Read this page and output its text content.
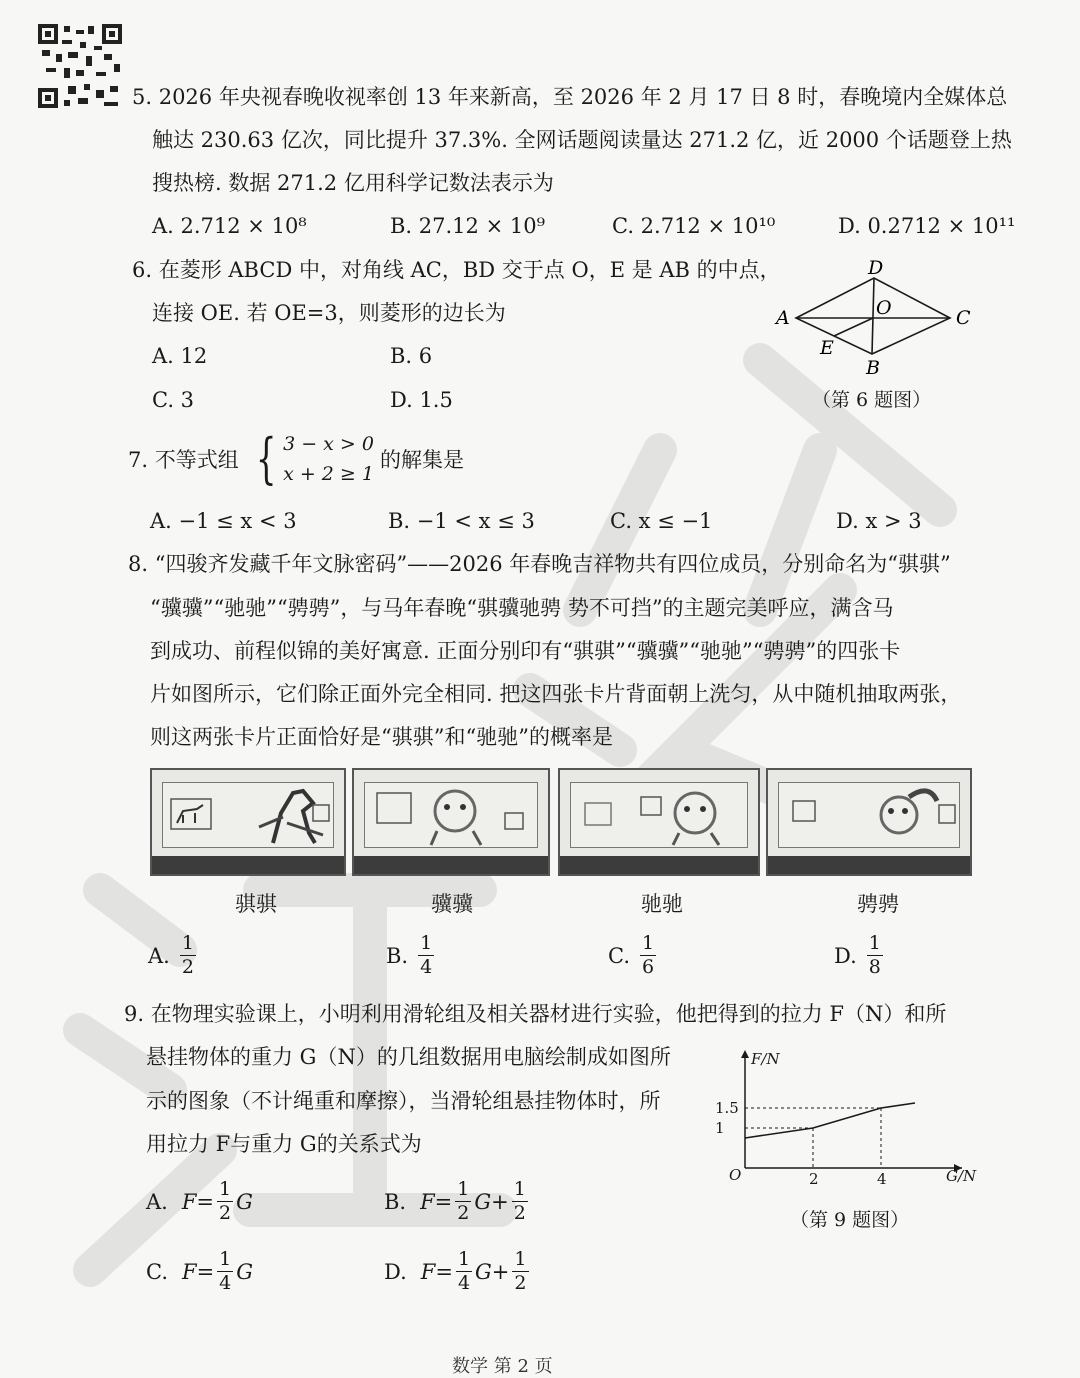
5. 2026 年央视春晚收视率创 13 年来新高，至 2026 年 2 月 17 日 8 时，春晚境内全媒体总
触达 230.63 亿次，同比提升 37.3%. 全网话题阅读量达 271.2 亿，近 2000 个话题登上热
搜热榜. 数据 271.2 亿用科学记数法表示为
A. 2.712 × 10⁸	B. 27.12 × 10⁹	C. 2.712 × 10¹⁰	D. 0.2712 × 10¹¹
6. 在菱形 ABCD 中，对角线 AC，BD 交于点 O，E 是 AB 的中点，
连接 OE. 若 OE=3，则菱形的边长为
A. 12	B. 6
C. 3	D. 1.5
A
D
C
B
O
E
（第 6 题图）
7. 不等式组 { 3 − x > 0
x + 2 ≥ 1
的解集是
A. −1 ≤ x < 3	B. −1 < x ≤ 3	C. x ≤ −1	D. x > 3
8. “四骏齐发藏千年文脉密码”——2026 年春晚吉祥物共有四位成员，分别命名为“骐骐”
“骥骥”“驰驰”“骋骋”，与马年春晚“骐骥驰骋 势不可挡”的主题完美呼应，满含马
到成功、前程似锦的美好寓意. 正面分别印有“骐骐”“骥骥”“驰驰”“骋骋”的四张卡
片如图所示，它们除正面外完全相同. 把这四张卡片背面朝上洗匀，从中随机抽取两张，
则这两张卡片正面恰好是“骐骐”和“驰驰”的概率是
骐骐	骥骥	驰驰	骋骋
A. $\frac{1}{2}$	B. $\frac{1}{4}$	C. $\frac{1}{6}$	D. $\frac{1}{8}$
9. 在物理实验课上，小明利用滑轮组及相关器材进行实验，他把得到的拉力 F（N）和所
悬挂物体的重力 G（N）的几组数据用电脑绘制成如图所
示的图象（不计绳重和摩擦），当滑轮组悬挂物体时，所
用拉力 F与重力 G的关系式为
A. $F= \frac{1}{2}$ G	B. $F= \frac{1}{2} G+ \frac{1}{2}$
C. $F= \frac{1}{4}$ G	D. $F= \frac{1}{4} G+ \frac{1}{2}$
F/N
G/N
O	2	4
1
1.5
（第 9 题图）
数学 第 2 页
